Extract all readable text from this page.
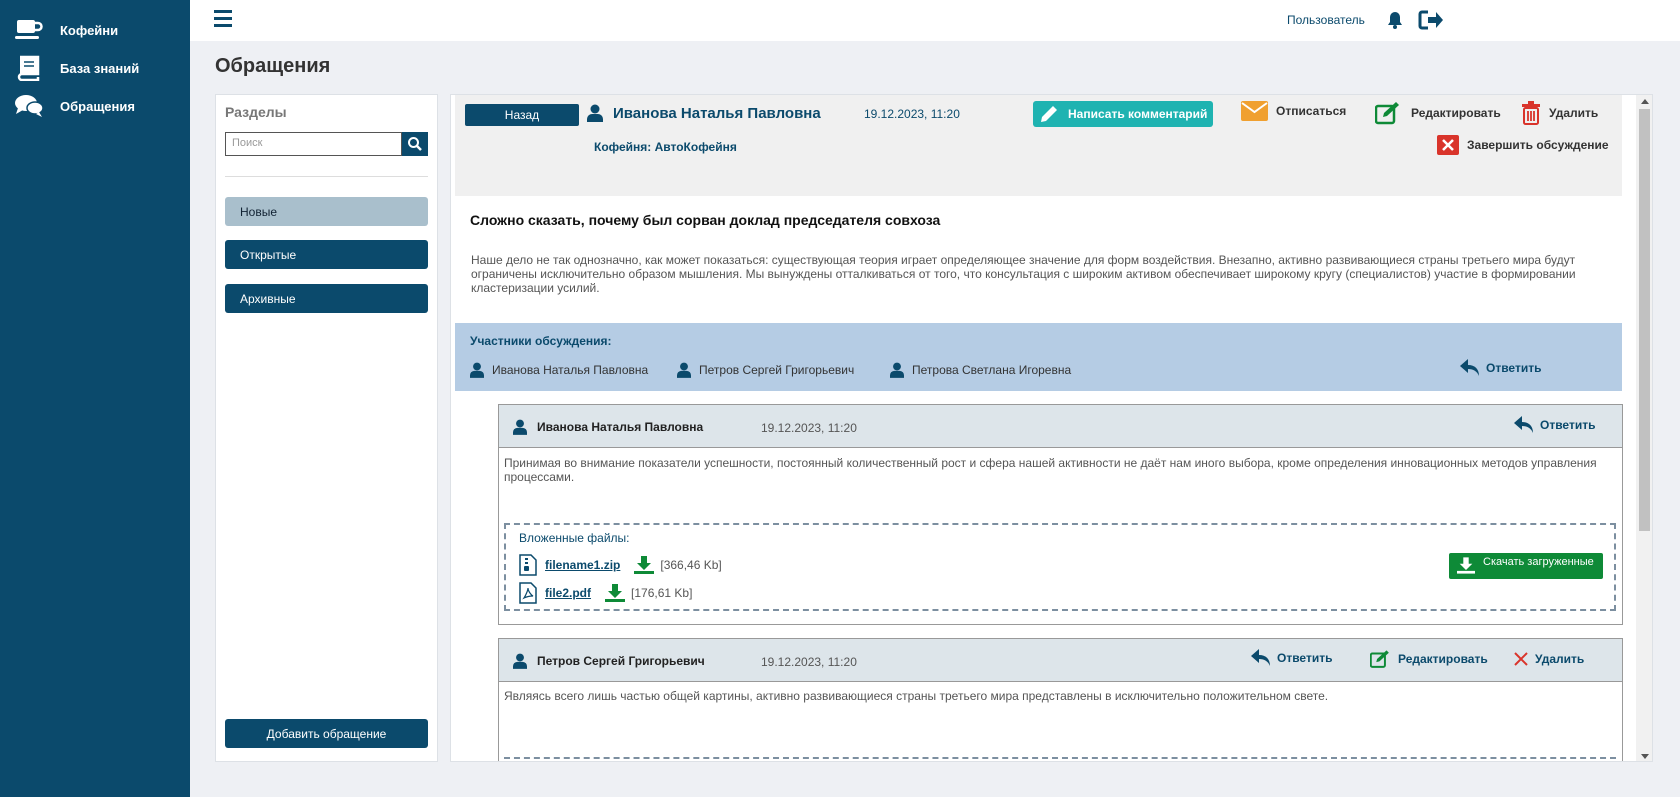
Кофейни
База знаний
Обращения
Пользователь
Обращения
Разделы
Поиск
Новые
Открытые
Архивные
Добавить обращение
Назад	Иванова Наталья Павловна	19.12.2023, 11:20
Кофейня: АвтоКофейня
Написать комментарий	Отписаться	Редактировать	Удалить
Завершить обсуждение
Сложно сказать, почему был сорван доклад председателя совхоза
Наше дело не так однозначно, как может показаться: существующая теория играет определяющее значение для форм воздействия. Внезапно, активно развивающиеся страны третьего мира будут ограничены исключительно образом мышления. Мы вынуждены отталкиваться от того, что консультация с широким активом обеспечивает широкому кругу (специалистов) участие в формировании кластеризации усилий.
Участники обсуждения:
Иванова Наталья Павловна	Петров Сергей Григорьевич	Петрова Светлана Игоревна	Ответить
Иванова Наталья Павловна	19.12.2023, 11:20	Ответить
Принимая во внимание показатели успешности, постоянный количественный рост и сфера нашей активности не даёт нам иного выбора, кроме определения инновационных методов управления процессами.
Вложенные файлы:
filename1.zip	[366,46 Kb]
file2.pdf	[176,61 Kb]
Скачать загруженные
Петров Сергей Григорьевич	19.12.2023, 11:20	Ответить	Редактировать	Удалить
Являясь всего лишь частью общей картины, активно развивающиеся страны третьего мира представлены в исключительно положительном свете.
